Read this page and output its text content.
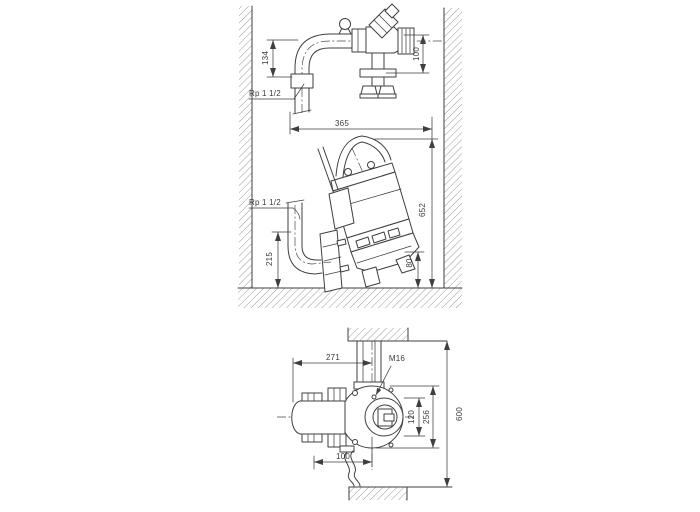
134	100
365
215	80
652
Rp 1 1/2
Rp 1 1/2
271	M16
100
120 256	600
